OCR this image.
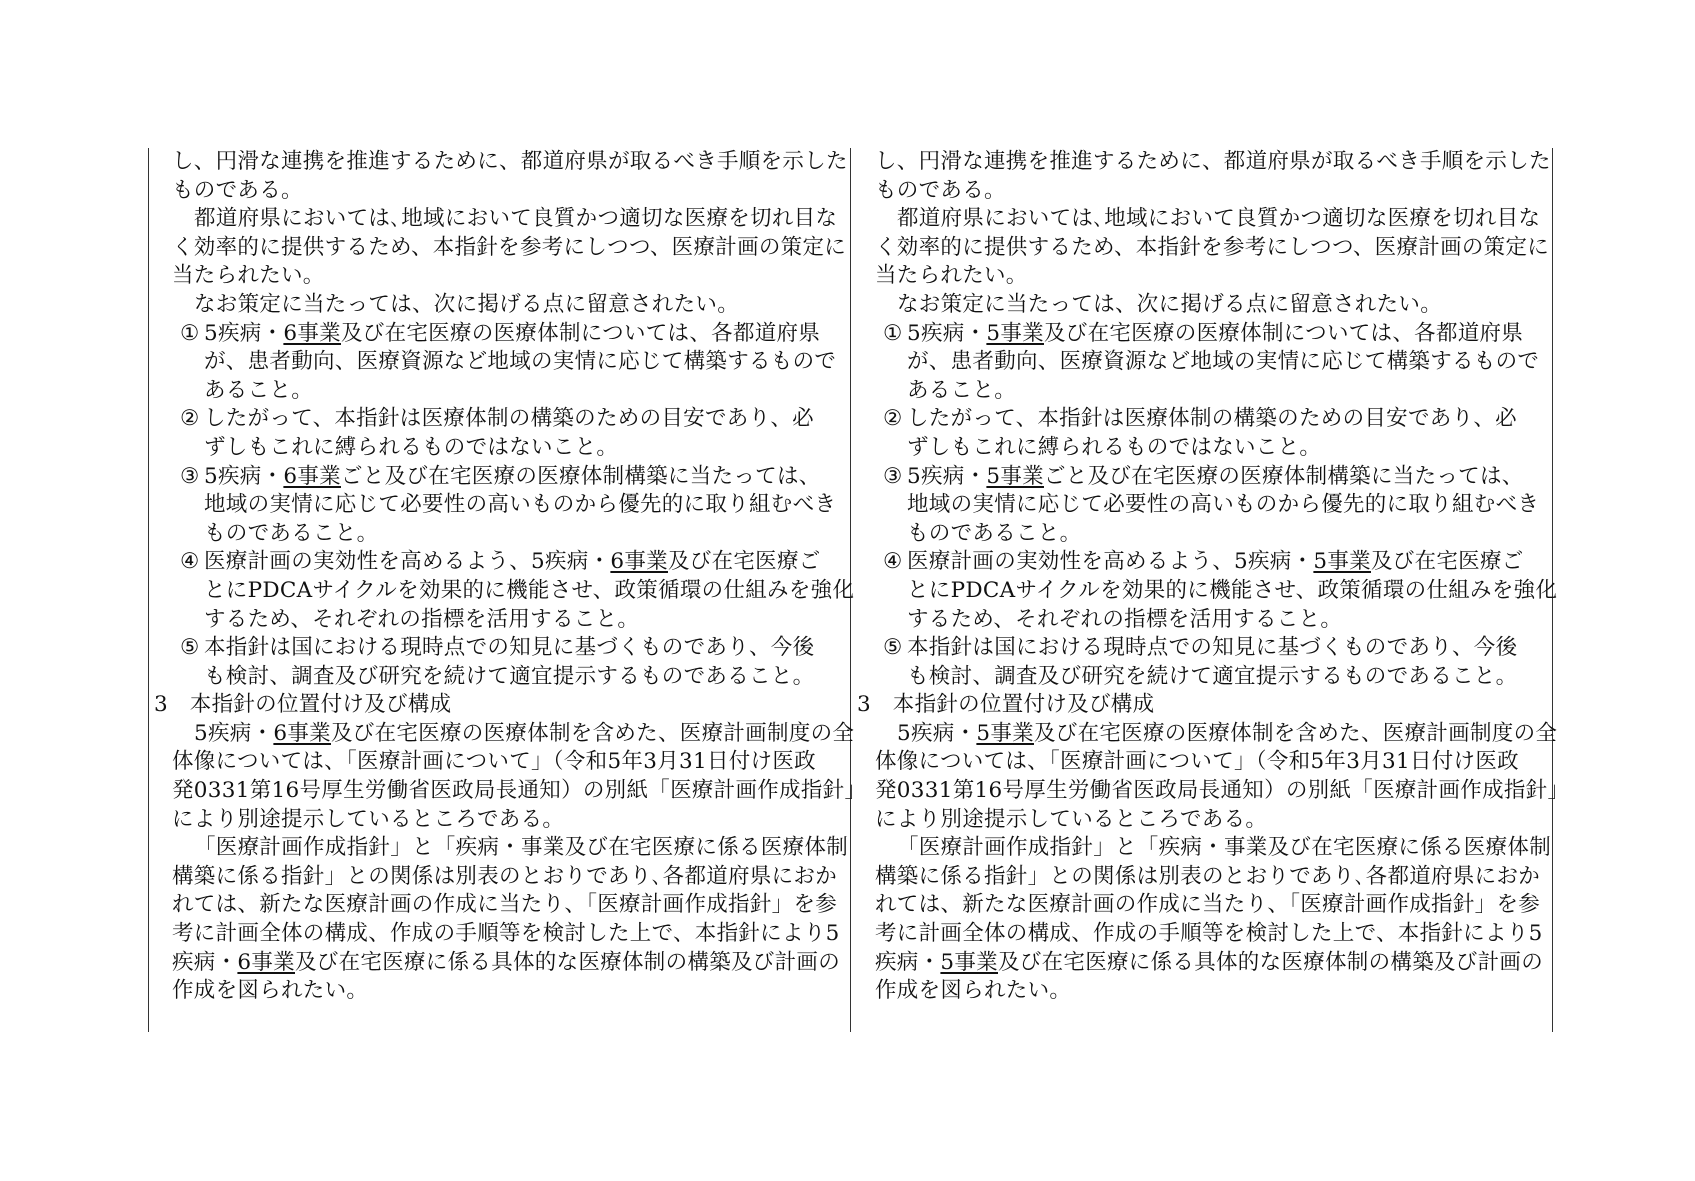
し、円滑な連携を推進するために、都道府県が取るべき手順を示した

ものである。

都道府県においては､地域において良質かつ適切な医療を切れ目な

く効率的に提供するため、本指針を参考にしつつ、医療計画の策定に

当たられたい。

なお策定に当たっては、次に掲げる点に留意されたい。

① 5疾病・6事業及び在宅医療の医療体制については、各都道府県

が、患者動向、医療資源など地域の実情に応じて構築するもので

あること。

② したがって、本指針は医療体制の構築のための目安であり、必

ずしもこれに縛られるものではないこと。

③ 5疾病・6事業ごと及び在宅医療の医療体制構築に当たっては、

地域の実情に応じて必要性の高いものから優先的に取り組むべき

ものであること。

④ 医療計画の実効性を高めるよう、5疾病・6事業及び在宅医療ご

とにPDCAサイクルを効果的に機能させ、政策循環の仕組みを強化

するため、それぞれの指標を活用すること。

⑤ 本指針は国における現時点での知見に基づくものであり、今後

も検討、調査及び研究を続けて適宜提示するものであること。

3　本指針の位置付け及び構成

5疾病・6事業及び在宅医療の医療体制を含めた、医療計画制度の全

体像については、「医療計画について」（令和5年3月31日付け医政

発0331第16号厚生労働省医政局長通知）の別紙「医療計画作成指針」

により別途提示しているところである。

「医療計画作成指針」と「疾病・事業及び在宅医療に係る医療体制

構築に係る指針」との関係は別表のとおりであり､各都道府県におか

れては、新たな医療計画の作成に当たり、「医療計画作成指針」を参

考に計画全体の構成、作成の手順等を検討した上で、本指針により5

疾病・6事業及び在宅医療に係る具体的な医療体制の構築及び計画の

作成を図られたい。

し、円滑な連携を推進するために、都道府県が取るべき手順を示した

ものである。

都道府県においては､地域において良質かつ適切な医療を切れ目な

く効率的に提供するため、本指針を参考にしつつ、医療計画の策定に

当たられたい。

なお策定に当たっては、次に掲げる点に留意されたい。

① 5疾病・5事業及び在宅医療の医療体制については、各都道府県

が、患者動向、医療資源など地域の実情に応じて構築するもので

あること。

② したがって、本指針は医療体制の構築のための目安であり、必

ずしもこれに縛られるものではないこと。

③ 5疾病・5事業ごと及び在宅医療の医療体制構築に当たっては、

地域の実情に応じて必要性の高いものから優先的に取り組むべき

ものであること。

④ 医療計画の実効性を高めるよう、5疾病・5事業及び在宅医療ご

とにPDCAサイクルを効果的に機能させ、政策循環の仕組みを強化

するため、それぞれの指標を活用すること。

⑤ 本指針は国における現時点での知見に基づくものであり、今後

も検討、調査及び研究を続けて適宜提示するものであること。

3　本指針の位置付け及び構成

5疾病・5事業及び在宅医療の医療体制を含めた、医療計画制度の全

体像については、「医療計画について」（令和5年3月31日付け医政

発0331第16号厚生労働省医政局長通知）の別紙「医療計画作成指針」

により別途提示しているところである。

「医療計画作成指針」と「疾病・事業及び在宅医療に係る医療体制

構築に係る指針」との関係は別表のとおりであり､各都道府県におか

れては、新たな医療計画の作成に当たり、「医療計画作成指針」を参

考に計画全体の構成、作成の手順等を検討した上で、本指針により5

疾病・5事業及び在宅医療に係る具体的な医療体制の構築及び計画の

作成を図られたい。
